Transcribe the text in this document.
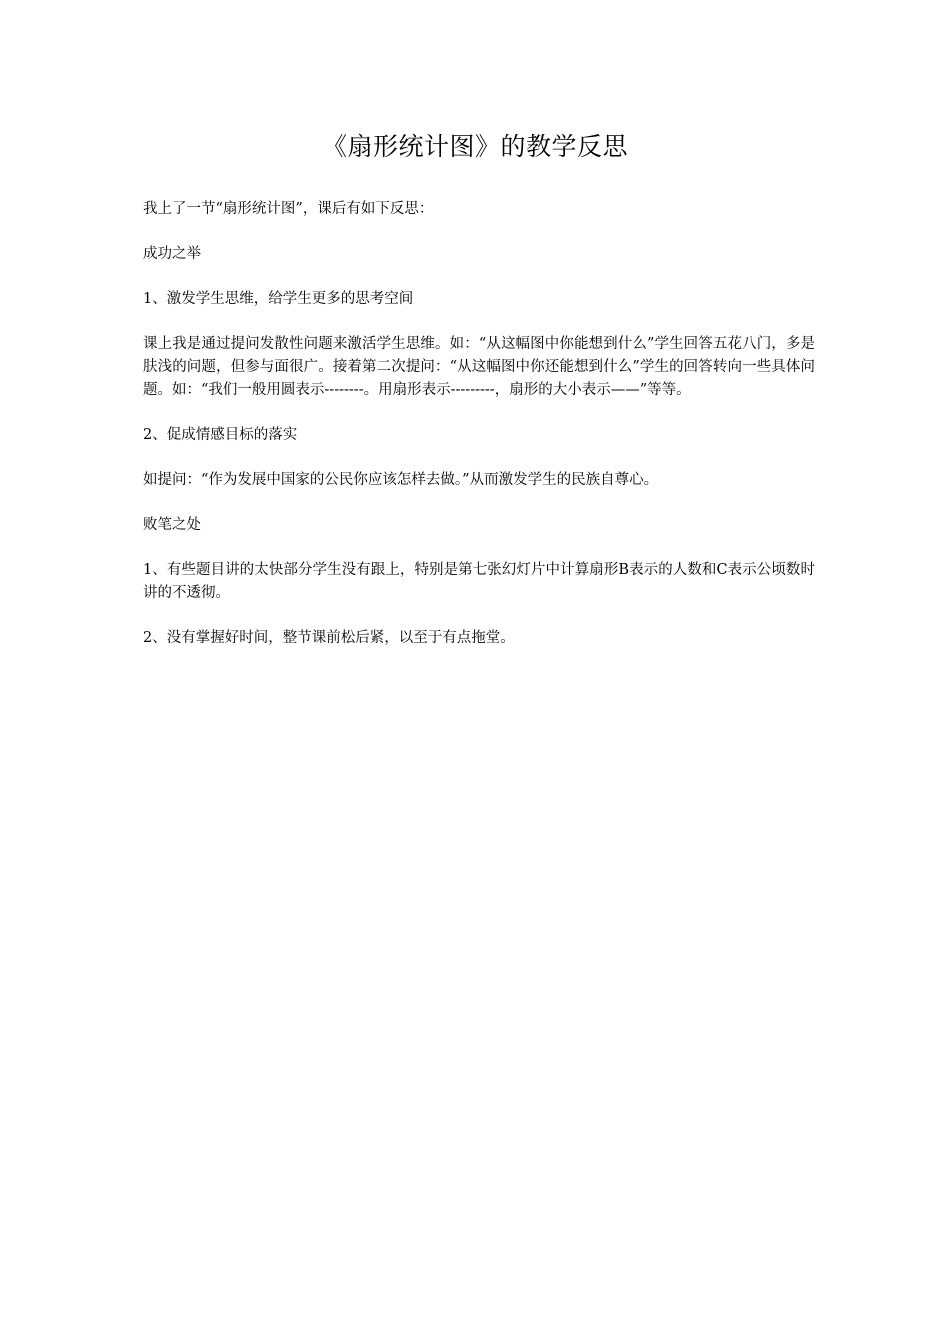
《扇形统计图》的教学反思

我上了一节“扇形统计图”，课后有如下反思：

成功之举

1、激发学生思维，给学生更多的思考空间

课上我是通过提问发散性问题来激活学生思维。如：“从这幅图中你能想到什么”学生回答五花八门，多是肤浅的问题，但参与面很广。接着第二次提问：“从这幅图中你还能想到什么”学生的回答转向一些具体问题。如：“我们一般用圆表示--------。用扇形表示---------，扇形的大小表示——”等等。

2、促成情感目标的落实

如提问：“作为发展中国家的公民你应该怎样去做。”从而激发学生的民族自尊心。

败笔之处

1、有些题目讲的太快部分学生没有跟上，特别是第七张幻灯片中计算扇形B表示的人数和C表示公顷数时讲的不透彻。

2、没有掌握好时间，整节课前松后紧，以至于有点拖堂。
